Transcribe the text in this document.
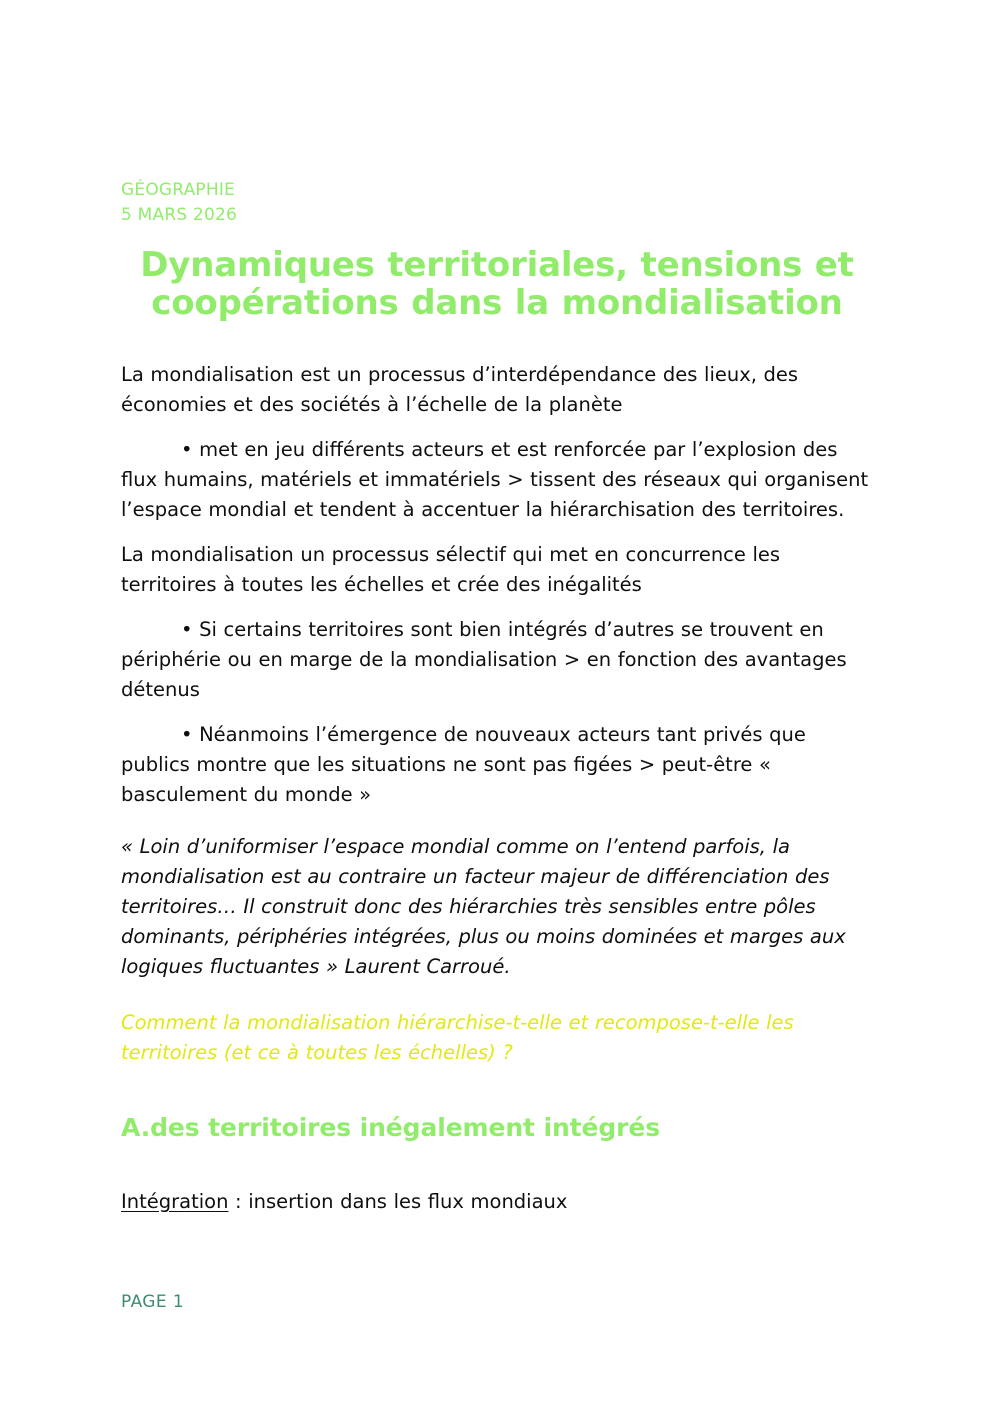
GÉOGRAPHIE
5 MARS 2026
Dynamiques territoriales, tensions et coopérations dans la mondialisation

La mondialisation est un processus d’interdépendance des lieux, des économies et des sociétés à l’échelle de la planète

• met en jeu différents acteurs et est renforcée par l’explosion des flux humains, matériels et immatériels > tissent des réseaux qui organisent l’espace mondial et tendent à accentuer la hiérarchisation des territoires.

La mondialisation un processus sélectif qui met en concurrence les territoires à toutes les échelles et crée des inégalités

• Si certains territoires sont bien intégrés d’autres se trouvent en périphérie ou en marge de la mondialisation > en fonction des avantages détenus

• Néanmoins l’émergence de nouveaux acteurs tant privés que publics montre que les situations ne sont pas figées > peut-être « basculement du monde »

« Loin d’uniformiser l’espace mondial comme on l’entend parfois, la mondialisation est au contraire un facteur majeur de différenciation des territoires… Il construit donc des hiérarchies très sensibles entre pôles dominants, périphéries intégrées, plus ou moins dominées et marges aux logiques fluctuantes » Laurent Carroué.

Comment la mondialisation hiérarchise-t-elle et recompose-t-elle les territoires (et ce à toutes les échelles) ?

A.des territoires inégalement intégrés

Intégration : insertion dans les flux mondiaux

PAGE 1
